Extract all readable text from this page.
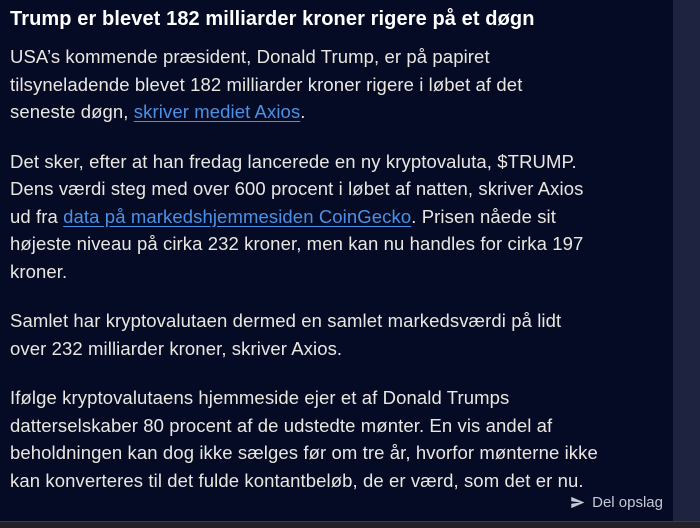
Trump er blevet 182 milliarder kroner rigere på et døgn

USA’s kommende præsident, Donald Trump, er på papiret
tilsyneladende blevet 182 milliarder kroner rigere i løbet af det
seneste døgn, skriver mediet Axios.

Det sker, efter at han fredag lancerede en ny kryptovaluta, $TRUMP.
Dens værdi steg med over 600 procent i løbet af natten, skriver Axios
ud fra data på markedshjemmesiden CoinGecko. Prisen nåede sit
højeste niveau på cirka 232 kroner, men kan nu handles for cirka 197
kroner.

Samlet har kryptovalutaen dermed en samlet markedsværdi på lidt
over 232 milliarder kroner, skriver Axios.

Ifølge kryptovalutaens hjemmeside ejer et af Donald Trumps
datterselskaber 80 procent af de udstedte mønter. En vis andel af
beholdningen kan dog ikke sælges før om tre år, hvorfor mønterne ikke
kan konverteres til det fulde kontantbeløb, de er værd, som det er nu.

Del opslag
